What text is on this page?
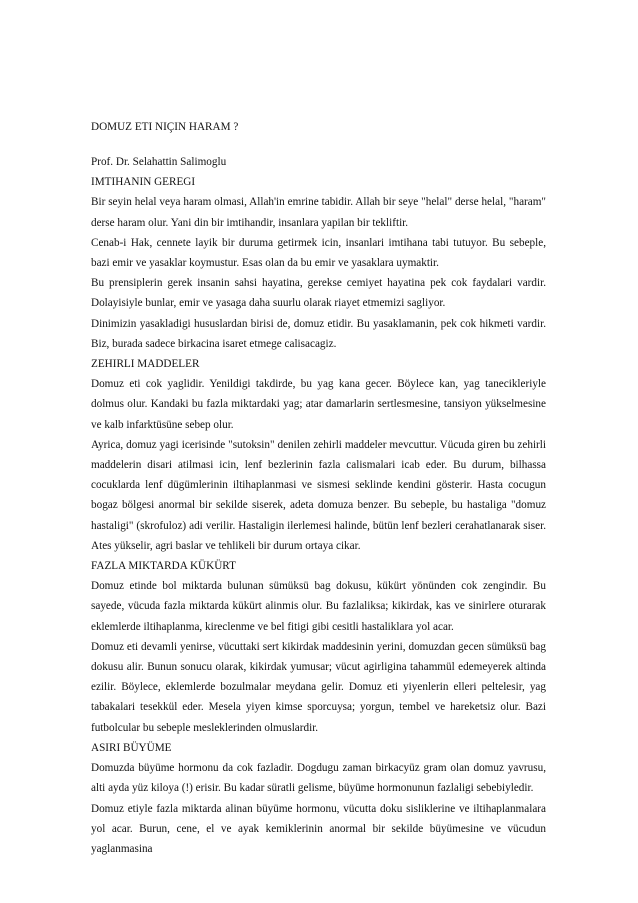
DOMUZ ETI NIÇIN HARAM ?

Prof. Dr. Selahattin Salimoglu

IMTIHANIN GEREGI

Bir seyin helal veya haram olmasi, Allah'in emrine tabidir. Allah bir seye "helal" derse helal, "haram" derse haram olur. Yani din bir imtihandir, insanlara yapilan bir tekliftir.

Cenab-i Hak, cennete layik bir duruma getirmek icin, insanlari imtihana tabi tutuyor. Bu sebeple, bazi emir ve yasaklar koymustur. Esas olan da bu emir ve yasaklara uymaktir.

Bu prensiplerin gerek insanin sahsi hayatina, gerekse cemiyet hayatina pek cok faydalari vardir. Dolayisiyle bunlar, emir ve yasaga daha suurlu olarak riayet etmemizi sagliyor.

Dinimizin yasakladigi hususlardan birisi de, domuz etidir. Bu yasaklamanin, pek cok hikmeti vardir. Biz, burada sadece birkacina isaret etmege calisacagiz.

ZEHIRLI MADDELER

Domuz eti cok yaglidir. Yenildigi takdirde, bu yag kana gecer. Böylece kan, yag tanecikleriyle dolmus olur. Kandaki bu fazla miktardaki yag; atar damarlarin sertlesmesine, tansiyon yükselmesine ve kalb infarktüsüne sebep olur.

Ayrica, domuz yagi icerisinde "sutoksin" denilen zehirli maddeler mevcuttur. Vücuda giren bu zehirli maddelerin disari atilmasi icin, lenf bezlerinin fazla calismalari icab eder. Bu durum, bilhassa cocuklarda lenf dügümlerinin iltihaplanmasi ve sismesi seklinde kendini gösterir. Hasta cocugun bogaz bölgesi anormal bir sekilde siserek, adeta domuza benzer. Bu sebeple, bu hastaliga "domuz hastaligi" (skrofuloz) adi verilir. Hastaligin ilerlemesi halinde, bütün lenf bezleri cerahatlanarak siser. Ates yükselir, agri baslar ve tehlikeli bir durum ortaya cikar.

FAZLA MIKTARDA KÜKÜRT

Domuz etinde bol miktarda bulunan sümüksü bag dokusu, kükürt yönünden cok zengindir. Bu sayede, vücuda fazla miktarda kükürt alinmis olur. Bu fazlaliksa; kikirdak, kas ve sinirlere oturarak eklemlerde iltihaplanma, kireclenme ve bel fitigi gibi cesitli hastaliklara yol acar.

Domuz eti devamli yenirse, vücuttaki sert kikirdak maddesinin yerini, domuzdan gecen sümüksü bag dokusu alir. Bunun sonucu olarak, kikirdak yumusar; vücut agirligina tahammül edemeyerek altinda ezilir. Böylece, eklemlerde bozulmalar meydana gelir. Domuz eti yiyenlerin elleri peltelesir, yag tabakalari tesekkül eder. Mesela yiyen kimse sporcuysa; yorgun, tembel ve hareketsiz olur. Bazi futbolcular bu sebeple mesleklerinden olmuslardir.

ASIRI BÜYÜME

Domuzda büyüme hormonu da cok fazladir. Dogdugu zaman birkacyüz gram olan domuz yavrusu, alti ayda yüz kiloya (!) erisir. Bu kadar süratli gelisme, büyüme hormonunun fazlaligi sebebiyledir.

Domuz etiyle fazla miktarda alinan büyüme hormonu, vücutta doku sisliklerine ve iltihaplanmalara yol acar. Burun, cene, el ve ayak kemiklerinin anormal bir sekilde büyümesine ve vücudun yaglanmasina
